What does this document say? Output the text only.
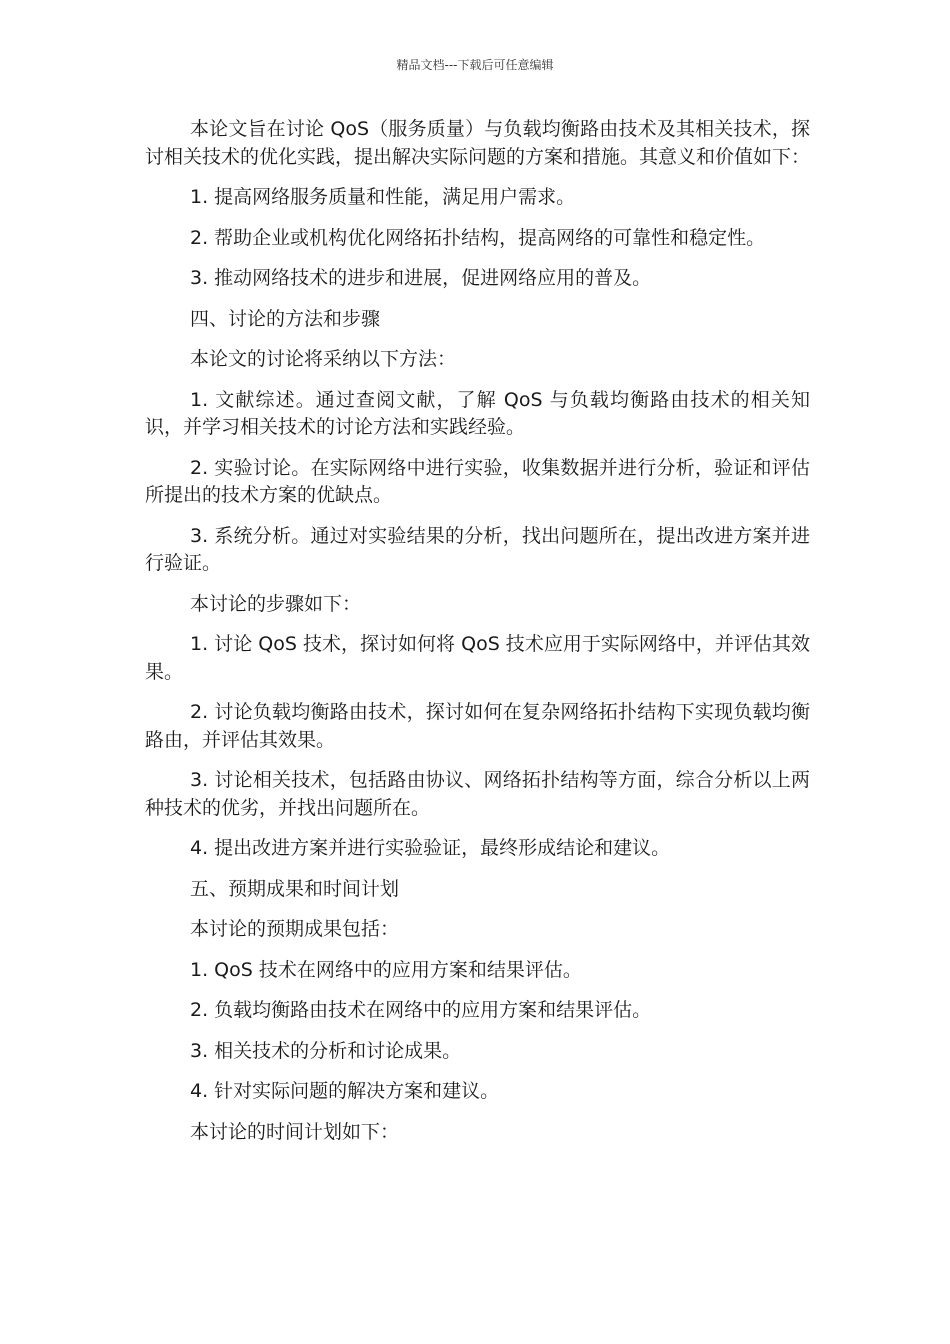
精品文档---下载后可任意编辑

本论文旨在讨论 QoS（服务质量）与负载均衡路由技术及其相关技术，探讨相关技术的优化实践，提出解决实际问题的方案和措施。其意义和价值如下：

1. 提高网络服务质量和性能，满足用户需求。

2. 帮助企业或机构优化网络拓扑结构，提高网络的可靠性和稳定性。

3. 推动网络技术的进步和进展，促进网络应用的普及。

四、讨论的方法和步骤

本论文的讨论将采纳以下方法：

1. 文献综述。通过查阅文献，了解 QoS 与负载均衡路由技术的相关知识，并学习相关技术的讨论方法和实践经验。

2. 实验讨论。在实际网络中进行实验，收集数据并进行分析，验证和评估所提出的技术方案的优缺点。

3. 系统分析。通过对实验结果的分析，找出问题所在，提出改进方案并进行验证。

本讨论的步骤如下：

1. 讨论 QoS 技术，探讨如何将 QoS 技术应用于实际网络中，并评估其效果。

2. 讨论负载均衡路由技术，探讨如何在复杂网络拓扑结构下实现负载均衡路由，并评估其效果。

3. 讨论相关技术，包括路由协议、网络拓扑结构等方面，综合分析以上两种技术的优劣，并找出问题所在。

4. 提出改进方案并进行实验验证，最终形成结论和建议。

五、预期成果和时间计划

本讨论的预期成果包括：

1. QoS 技术在网络中的应用方案和结果评估。

2. 负载均衡路由技术在网络中的应用方案和结果评估。

3. 相关技术的分析和讨论成果。

4. 针对实际问题的解决方案和建议。

本讨论的时间计划如下：
